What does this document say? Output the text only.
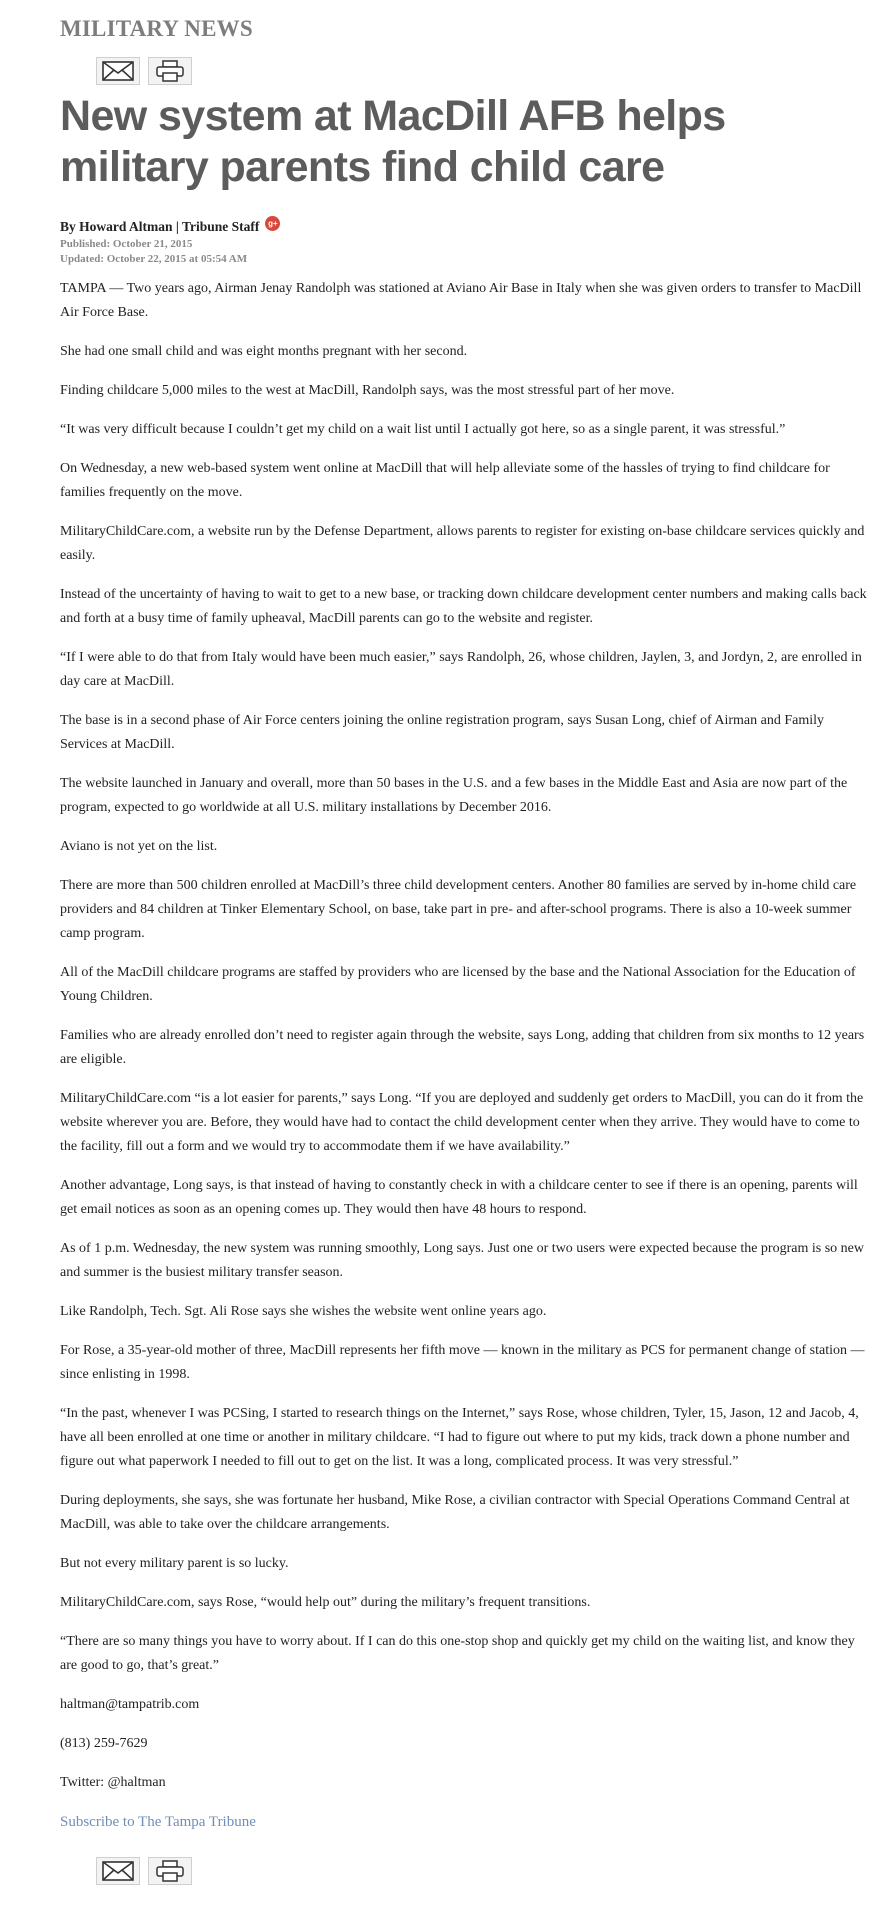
MILITARY NEWS
New system at MacDill AFB helps military parents find child care
By Howard Altman | Tribune Staff	g+
Published: October 21, 2015
Updated: October 22, 2015 at 05:54 AM

TAMPA — Two years ago, Airman Jenay Randolph was stationed at Aviano Air Base in Italy when she was given orders to transfer to MacDill Air Force Base.

She had one small child and was eight months pregnant with her second.

Finding childcare 5,000 miles to the west at MacDill, Randolph says, was the most stressful part of her move.

“It was very difficult because I couldn’t get my child on a wait list until I actually got here, so as a single parent, it was stressful.”

On Wednesday, a new web-based system went online at MacDill that will help alleviate some of the hassles of trying to find childcare for families frequently on the move.

MilitaryChildCare.com, a website run by the Defense Department, allows parents to register for existing on-base childcare services quickly and easily.

Instead of the uncertainty of having to wait to get to a new base, or tracking down childcare development center numbers and making calls back and forth at a busy time of family upheaval, MacDill parents can go to the website and register.

“If I were able to do that from Italy would have been much easier,” says Randolph, 26, whose children, Jaylen, 3, and Jordyn, 2, are enrolled in day care at MacDill.

The base is in a second phase of Air Force centers joining the online registration program, says Susan Long, chief of Airman and Family Services at MacDill.

The website launched in January and overall, more than 50 bases in the U.S. and a few bases in the Middle East and Asia are now part of the program, expected to go worldwide at all U.S. military installations by December 2016.

Aviano is not yet on the list.

There are more than 500 children enrolled at MacDill’s three child development centers. Another 80 families are served by in-home child care providers and 84 children at Tinker Elementary School, on base, take part in pre- and after-school programs. There is also a 10-week summer camp program.

All of the MacDill childcare programs are staffed by providers who are licensed by the base and the National Association for the Education of Young Children.

Families who are already enrolled don’t need to register again through the website, says Long, adding that children from six months to 12 years are eligible.

MilitaryChildCare.com “is a lot easier for parents,” says Long. “If you are deployed and suddenly get orders to MacDill, you can do it from the website wherever you are. Before, they would have had to contact the child development center when they arrive. They would have to come to the facility, fill out a form and we would try to accommodate them if we have availability.”

Another advantage, Long says, is that instead of having to constantly check in with a childcare center to see if there is an opening, parents will get email notices as soon as an opening comes up. They would then have 48 hours to respond.

As of 1 p.m. Wednesday, the new system was running smoothly, Long says. Just one or two users were expected because the program is so new and summer is the busiest military transfer season.

Like Randolph, Tech. Sgt. Ali Rose says she wishes the website went online years ago.

For Rose, a 35-year-old mother of three, MacDill represents her fifth move — known in the military as PCS for permanent change of station — since enlisting in 1998.

“In the past, whenever I was PCSing, I started to research things on the Internet,” says Rose, whose children, Tyler, 15, Jason, 12 and Jacob, 4, have all been enrolled at one time or another in military childcare. “I had to figure out where to put my kids, track down a phone number and figure out what paperwork I needed to fill out to get on the list. It was a long, complicated process. It was very stressful.”

During deployments, she says, she was fortunate her husband, Mike Rose, a civilian contractor with Special Operations Command Central at MacDill, was able to take over the childcare arrangements.

But not every military parent is so lucky.

MilitaryChildCare.com, says Rose, “would help out” during the military’s frequent transitions.

“There are so many things you have to worry about. If I can do this one-stop shop and quickly get my child on the waiting list, and know they are good to go, that’s great.”

haltman@tampatrib.com

(813) 259-7629

Twitter: @haltman

Subscribe to The Tampa Tribune
